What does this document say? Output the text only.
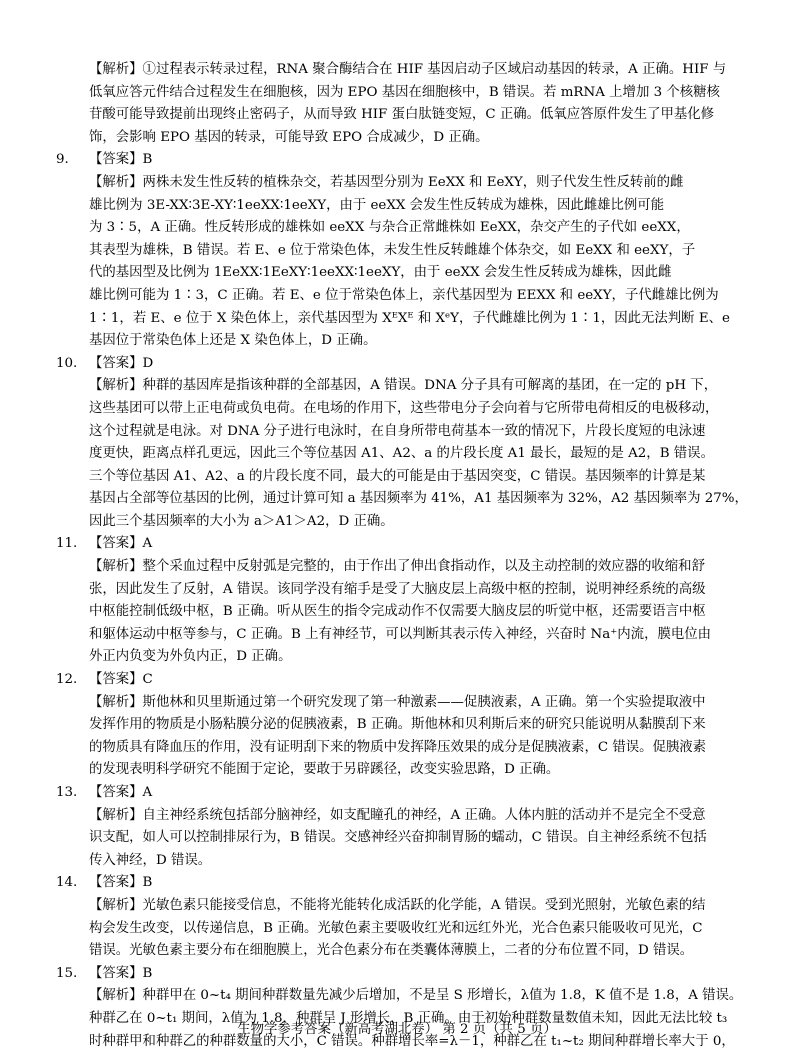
【解析】①过程表示转录过程，RNA 聚合酶结合在 HIF 基因启动子区域启动基因的转录，A 正确。HIF 与

低氧应答元件结合过程发生在细胞核，因为 EPO 基因在细胞核中，B 错误。若 mRNA 上增加 3 个核糖核

苷酸可能导致提前出现终止密码子，从而导致 HIF 蛋白肽链变短，C 正确。低氧应答原件发生了甲基化修

饰，会影响 EPO 基因的转录，可能导致 EPO 合成减少，D 正确。

9.	【答案】B

【解析】两株未发生性反转的植株杂交，若基因型分别为 EeXX 和 EeXY，则子代发生性反转前的雌

雄比例为 3E-XX∶3E-XY∶1eeXX∶1eeXY，由于 eeXX 会发生性反转成为雄株，因此雌雄比例可能

为 3∶5，A 正确。性反转形成的雄株如 eeXX 与杂合正常雌株如 EeXX，杂交产生的子代如 eeXX，

其表型为雄株，B 错误。若 E、e 位于常染色体，未发生性反转雌雄个体杂交，如 EeXX 和 eeXY，子

代的基因型及比例为 1EeXX∶1EeXY∶1eeXX∶1eeXY，由于 eeXX 会发生性反转成为雄株，因此雌

雄比例可能为 1∶3，C 正确。若 E、e 位于常染色体上，亲代基因型为 EEXX 和 eeXY，子代雌雄比例为

1∶1，若 E、e 位于 X 染色体上，亲代基因型为 XᴱXᴱ 和 XᵉY，子代雌雄比例为 1∶1，因此无法判断 E、e

基因位于常染色体上还是 X 染色体上，D 正确。

10. 【答案】D

【解析】种群的基因库是指该种群的全部基因，A 错误。DNA 分子具有可解离的基团，在一定的 pH 下，

这些基团可以带上正电荷或负电荷。在电场的作用下，这些带电分子会向着与它所带电荷相反的电极移动，

这个过程就是电泳。对 DNA 分子进行电泳时，在自身所带电荷基本一致的情况下，片段长度短的电泳速

度更快，距离点样孔更远，因此三个等位基因 A1、A2、a 的片段长度 A1 最长，最短的是 A2，B 错误。

三个等位基因 A1、A2、a 的片段长度不同，最大的可能是由于基因突变，C 错误。基因频率的计算是某

基因占全部等位基因的比例，通过计算可知 a 基因频率为 41%，A1 基因频率为 32%，A2 基因频率为 27%，

因此三个基因频率的大小为 a＞A1＞A2，D 正确。

11. 【答案】A

【解析】整个采血过程中反射弧是完整的，由于作出了伸出食指动作，以及主动控制的效应器的收缩和舒

张，因此发生了反射，A 错误。该同学没有缩手是受了大脑皮层上高级中枢的控制，说明神经系统的高级

中枢能控制低级中枢，B 正确。听从医生的指令完成动作不仅需要大脑皮层的听觉中枢，还需要语言中枢

和躯体运动中枢等参与，C 正确。B 上有神经节，可以判断其表示传入神经，兴奋时 Na⁺内流，膜电位由

外正内负变为外负内正，D 正确。

12. 【答案】C

【解析】斯他林和贝里斯通过第一个研究发现了第一种激素——促胰液素，A 正确。第一个实验提取液中

发挥作用的物质是小肠粘膜分泌的促胰液素，B 正确。斯他林和贝利斯后来的研究只能说明从黏膜刮下来

的物质具有降血压的作用，没有证明刮下来的物质中发挥降压效果的成分是促胰液素，C 错误。促胰液素

的发现表明科学研究不能囿于定论，要敢于另辟蹊径，改变实验思路，D 正确。

13. 【答案】A

【解析】自主神经系统包括部分脑神经，如支配瞳孔的神经，A 正确。人体内脏的活动并不是完全不受意

识支配，如人可以控制排尿行为，B 错误。交感神经兴奋抑制胃肠的蠕动，C 错误。自主神经系统不包括

传入神经，D 错误。

14. 【答案】B

【解析】光敏色素只能接受信息，不能将光能转化成活跃的化学能，A 错误。受到光照射，光敏色素的结

构会发生改变，以传递信息，B 正确。光敏色素主要吸收红光和远红外光，光合色素只能吸收可见光，C

错误。光敏色素主要分布在细胞膜上，光合色素分布在类囊体薄膜上，二者的分布位置不同，D 错误。

15. 【答案】B

【解析】种群甲在 0~t₄ 期间种群数量先减少后增加，不是呈 S 形增长，λ值为 1.8，K 值不是 1.8，A 错误。

种群乙在 0~t₁ 期间，λ值为 1.8，种群呈 J 形增长，B 正确。由于初始种群数量数值未知，因此无法比较 t₃

时种群甲和种群乙的种群数量的大小，C 错误。种群增长率=λ－1，种群乙在 t₁~t₂ 期间种群增长率大于 0，

生物学参考答案（新高考湖北卷） 第 2 页（共 5 页）
